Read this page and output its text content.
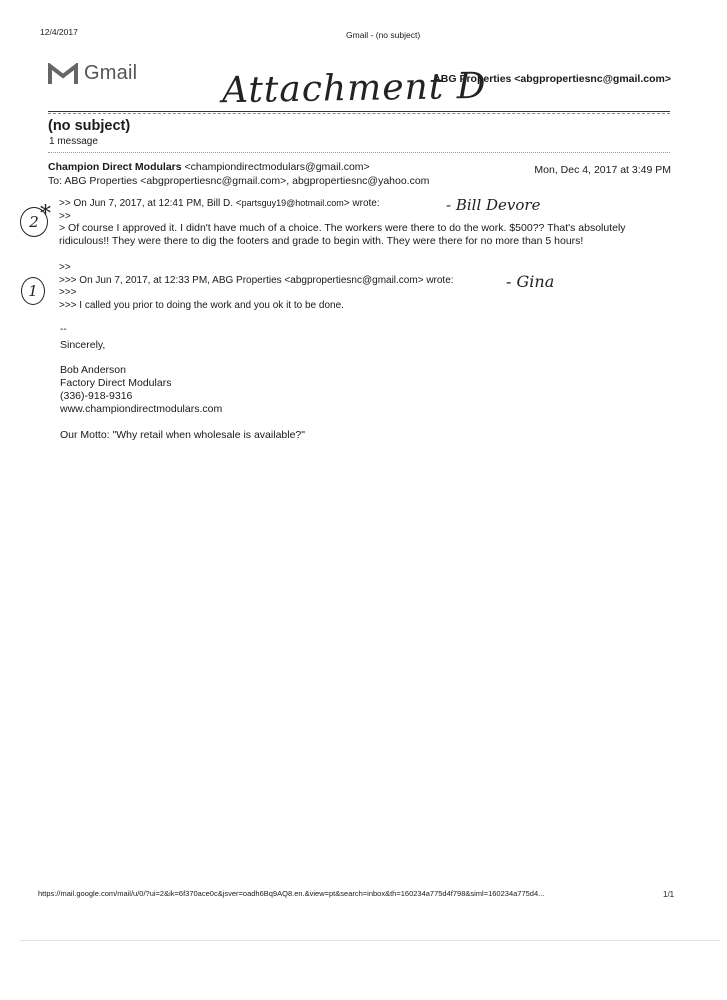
12/4/2017	Gmail - (no subject)
Gmail	ABG Properties <abgpropertiesnc@gmail.com>
Attachment D
(no subject)
1 message
Champion Direct Modulars <championdirectmodulars@gmail.com>	Mon, Dec 4, 2017 at 3:49 PM
To: ABG Properties <abgpropertiesnc@gmail.com>, abgpropertiesnc@yahoo.com
>> On Jun 7, 2017, at 12:41 PM, Bill D. <partsguy19@hotmail.com> wrote:	- Bill Devore
>>
> Of course I approved it. I didn't have much of a choice. The workers were there to do the work. $500?? That's absolutely ridiculous!! They were there to dig the footers and grade to begin with. They were there for no more than 5 hours!
>>
>>> On Jun 7, 2017, at 12:33 PM, ABG Properties <abgpropertiesnc@gmail.com> wrote:	- Gina
>>>
>>> I called you prior to doing the work and you ok it to be done.
2 *
1
--
Sincerely,
Bob Anderson
Factory Direct Modulars
(336)-918-9316
www.championdirectmodulars.com
Our Motto: "Why retail when wholesale is available?"
https://mail.google.com/mail/u/0/?ui=2&ik=6f370ace0c&jsver=oadh6Bq9AQ8.en.&view=pt&search=inbox&th=160234a775d4f798&siml=160234a775d4...	1/1
